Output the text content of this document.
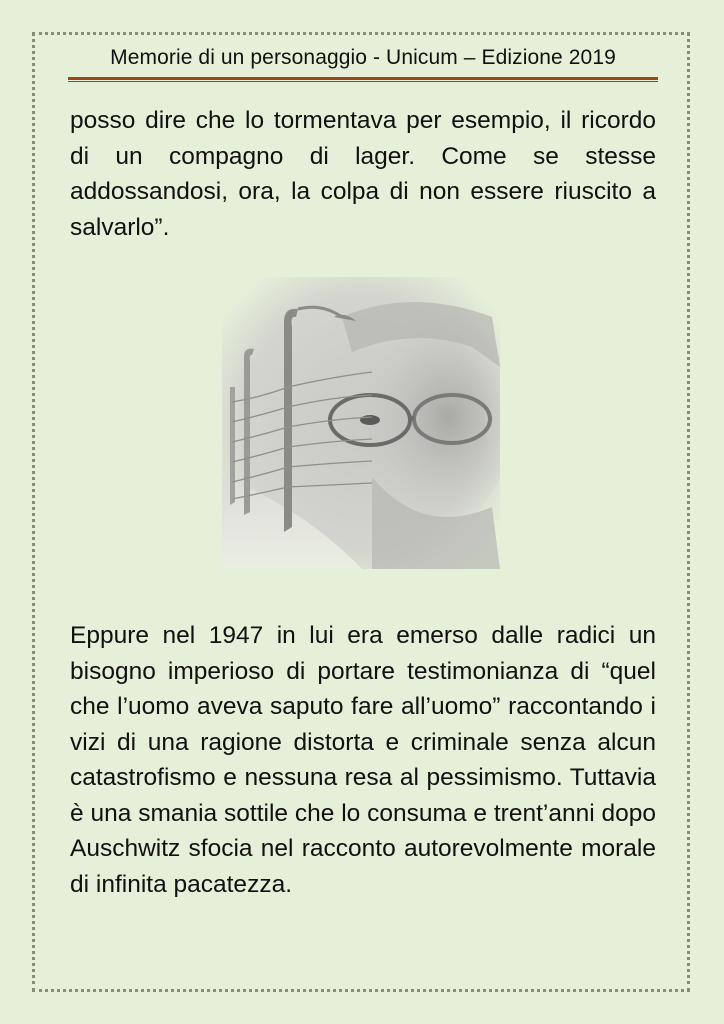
Memorie di un personaggio - Unicum – Edizione 2019
posso dire che lo tormentava per esempio, il ricordo di un compagno di lager. Come se stesse addossandosi, ora, la colpa di non essere riuscito a salvarlo”.
Eppure nel 1947 in lui era emerso dalle radici un bisogno imperioso di portare testimonianza di “quel che l’uomo aveva saputo fare all’uomo” raccontando i vizi di una ragione distorta e criminale senza alcun catastrofismo e nessuna resa al pessimismo. Tuttavia è una smania sottile che lo consuma e trent’anni dopo Auschwitz sfocia nel racconto autorevolmente morale di infinita pacatezza.
